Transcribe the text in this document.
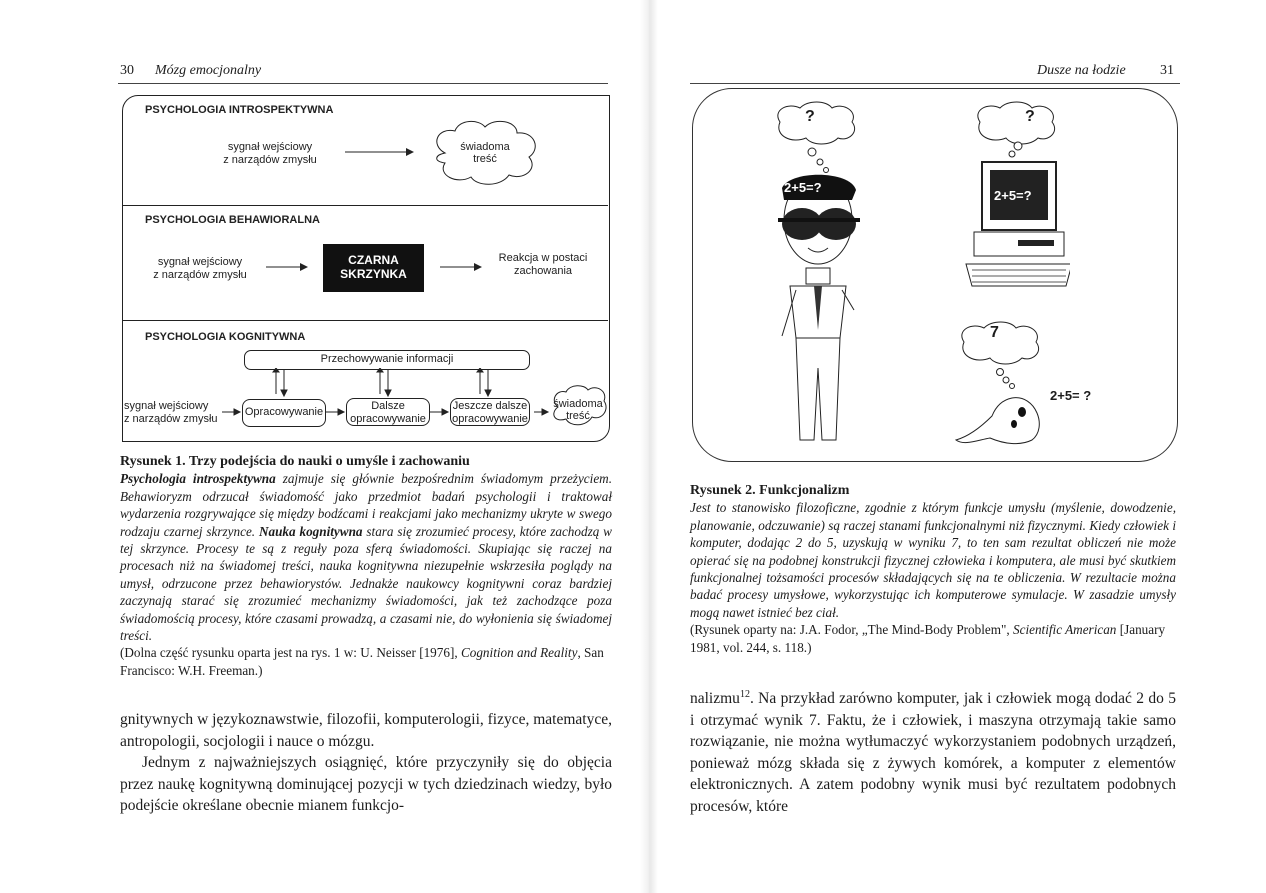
30 Mózg emocjonalny
PSYCHOLOGIA INTROSPEKTYWNA
sygnał wejściowy
z narządów zmysłu
świadoma
treść
PSYCHOLOGIA BEHAWIORALNA
sygnał wejściowy
z narządów zmysłu
CZARNA
SKRZYNKA
Reakcja w postaci
zachowania
PSYCHOLOGIA KOGNITYWNA
Przechowywanie informacji
sygnał wejściowy
z narządów zmysłu
Opracowywanie	Dalsze
opracowywanie
Jeszcze dalsze
opracowywanie
świadoma
treść

Rysunek 1. Trzy podejścia do nauki o umyśle i zachowaniu

Psychologia introspektywna zajmuje się głównie bezpośrednim świadomym przeżyciem. Behawioryzm odrzucał świadomość jako przedmiot badań psychologii i traktował wydarzenia rozgrywające się między bodźcami i reakcjami jako mechanizmy ukryte w swego rodzaju czarnej skrzynce. Nauka kognitywna stara się zrozumieć procesy, które zachodzą w tej skrzynce. Procesy te są z reguły poza sferą świadomości. Skupiając się raczej na procesach niż na świadomej treści, nauka kognitywna niezupełnie wskrzesiła poglądy na umysł, odrzucone przez behawiorystów. Jednakże naukowcy kognitywni coraz bardziej zaczynają starać się zrozumieć mechanizmy świadomości, jak też zachodzące poza świadomością procesy, które czasami prowadzą, a czasami nie, do wyłonienia się świadomej treści.

(Dolna część rysunku oparta jest na rys. 1 w: U. Neisser [1976], Cognition and Reality, San Francisco: W.H. Freeman.)

gnitywnych w językoznawstwie, filozofii, komputerologii, fizyce, matematyce, antropologii, socjologii i nauce o mózgu.

Jednym z najważniejszych osiągnięć, które przyczyniły się do objęcia przez naukę kognitywną dominującej pozycji w tych dziedzinach wiedzy, było podejście określane obecnie mianem funkcjo-

Dusze na łodzie 31
2+5=?
?
2+5=?
?
7
2+5= ?

Rysunek 2. Funkcjonalizm

Jest to stanowisko filozoficzne, zgodnie z którym funkcje umysłu (myślenie, dowodzenie, planowanie, odczuwanie) są raczej stanami funkcjonalnymi niż fizycznymi. Kiedy człowiek i komputer, dodając 2 do 5, uzyskują w wyniku 7, to ten sam rezultat obliczeń nie może opierać się na podobnej konstrukcji fizycznej człowieka i komputera, ale musi być skutkiem funkcjonalnej tożsamości procesów składających się na te obliczenia. W rezultacie można badać procesy umysłowe, wykorzystując ich komputerowe symulacje. W zasadzie umysły mogą nawet istnieć bez ciał.

(Rysunek oparty na: J.A. Fodor, „The Mind-Body Problem", Scientific American [January 1981, vol. 244, s. 118.)

nalizmu$^{12}$. Na przykład zarówno komputer, jak i człowiek mogą dodać 2 do 5 i otrzymać wynik 7. Faktu, że i człowiek, i maszyna otrzymają takie samo rozwiązanie, nie można wytłumaczyć wykorzystaniem podobnych urządzeń, ponieważ mózg składa się z żywych komórek, a komputer z elementów elektronicznych. A zatem podobny wynik musi być rezultatem podobnych procesów, które
